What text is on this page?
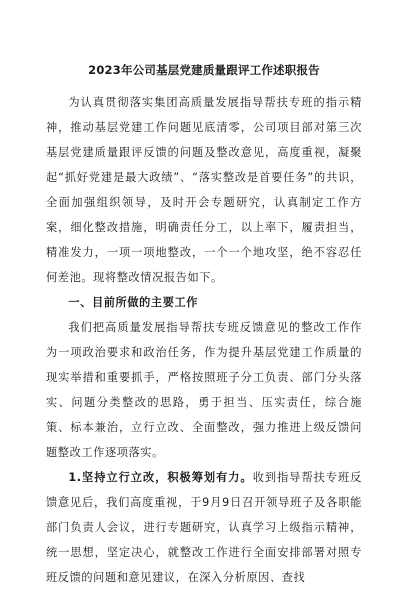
2023年公司基层党建质量跟评工作述职报告

为认真贯彻落实集团高质量发展指导帮扶专班的指示精神，推动基层党建工作问题见底清零，公司项目部对第三次基层党建质量跟评反馈的问题及整改意见，高度重视，凝聚起“抓好党建是最大政绩”、“落实整改是首要任务”的共识，全面加强组织领导，及时开会专题研究，认真制定工作方案，细化整改措施，明确责任分工，以上率下，履责担当，精准发力，一项一项地整改，一个一个地攻坚，绝不容忍任何差池。现将整改情况报告如下。

一、目前所做的主要工作

我们把高质量发展指导帮扶专班反馈意见的整改工作作为一项政治要求和政治任务，作为提升基层党建工作质量的现实举措和重要抓手，严格按照班子分工负责、部门分头落实、问题分类整改的思路，勇于担当、压实责任，综合施策、标本兼治，立行立改、全面整改，强力推进上级反馈问题整改工作逐项落实。

1.坚持立行立改，积极筹划有力。收到指导帮扶专班反馈意见后，我们高度重视，于9月9日召开领导班子及各职能部门负责人会议，进行专题研究，认真学习上级指示精神，统一思想，坚定决心，就整改工作进行全面安排部署对照专班反馈的问题和意见建议，在深入分析原因、查找
